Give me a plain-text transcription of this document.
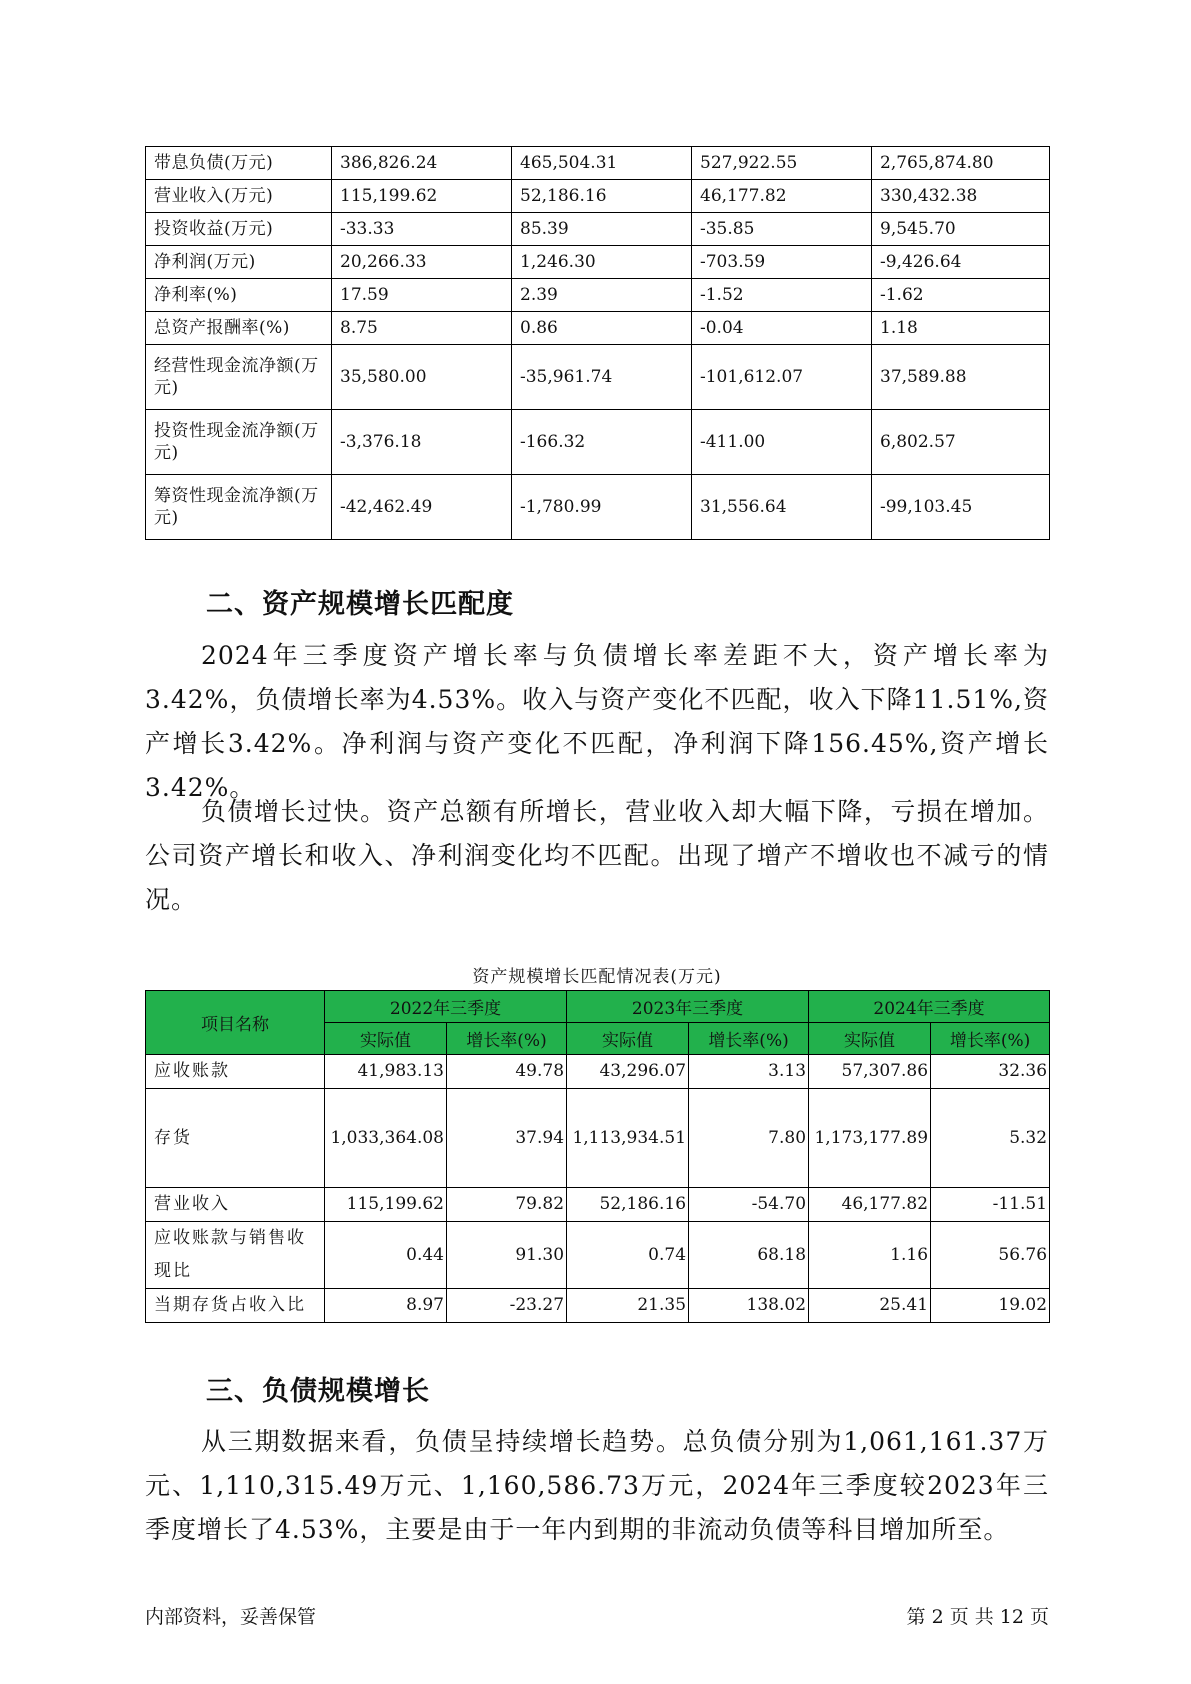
带息负债(万元)	386,826.24	465,504.31	527,922.55	2,765,874.80
营业收入(万元)	115,199.62	52,186.16	46,177.82	330,432.38
投资收益(万元)	-33.33	85.39	-35.85	9,545.70
净利润(万元)	20,266.33	1,246.30	-703.59	-9,426.64
净利率(%)	17.59	2.39	-1.52	-1.62
总资产报酬率(%)	8.75	0.86	-0.04	1.18
经营性现金流净额(万元)	35,580.00	-35,961.74	-101,612.07	37,589.88
投资性现金流净额(万元)	-3,376.18	-166.32	-411.00	6,802.57
筹资性现金流净额(万元)	-42,462.49	-1,780.99	31,556.64	-99,103.45
二、资产规模增长匹配度

2024年三季度资产增长率与负债增长率差距不大，资产增长率为3.42%，负债增长率为4.53%。收入与资产变化不匹配，收入下降11.51%,资产增长3.42%。净利润与资产变化不匹配，净利润下降156.45%,资产增长3.42%。

负债增长过快。资产总额有所增长，营业收入却大幅下降，亏损在增加。公司资产增长和收入、净利润变化均不匹配。出现了增产不增收也不减亏的情况。

资产规模增长匹配情况表(万元)
项目名称	2022年三季度		2023年三季度		2024年三季度	
	实际值	增长率(%)	实际值	增长率(%)	实际值	增长率(%)
应收账款	41,983.13	49.78	43,296.07	3.13	57,307.86	32.36
存货	1,033,364.08	37.94	1,113,934.51	7.80	1,173,177.89	5.32
营业收入	115,199.62	79.82	52,186.16	-54.70	46,177.82	-11.51
应收账款与销售收现比	0.44	91.30	0.74	68.18	1.16	56.76
当期存货占收入比	8.97	-23.27	21.35	138.02	25.41	19.02
三、负债规模增长

从三期数据来看，负债呈持续增长趋势。总负债分别为1,061,161.37万元、1,110,315.49万元、1,160,586.73万元，2024年三季度较2023年三季度增长了4.53%，主要是由于一年内到期的非流动负债等科目增加所至。

内部资料，妥善保管	第 2 页 共 12 页
